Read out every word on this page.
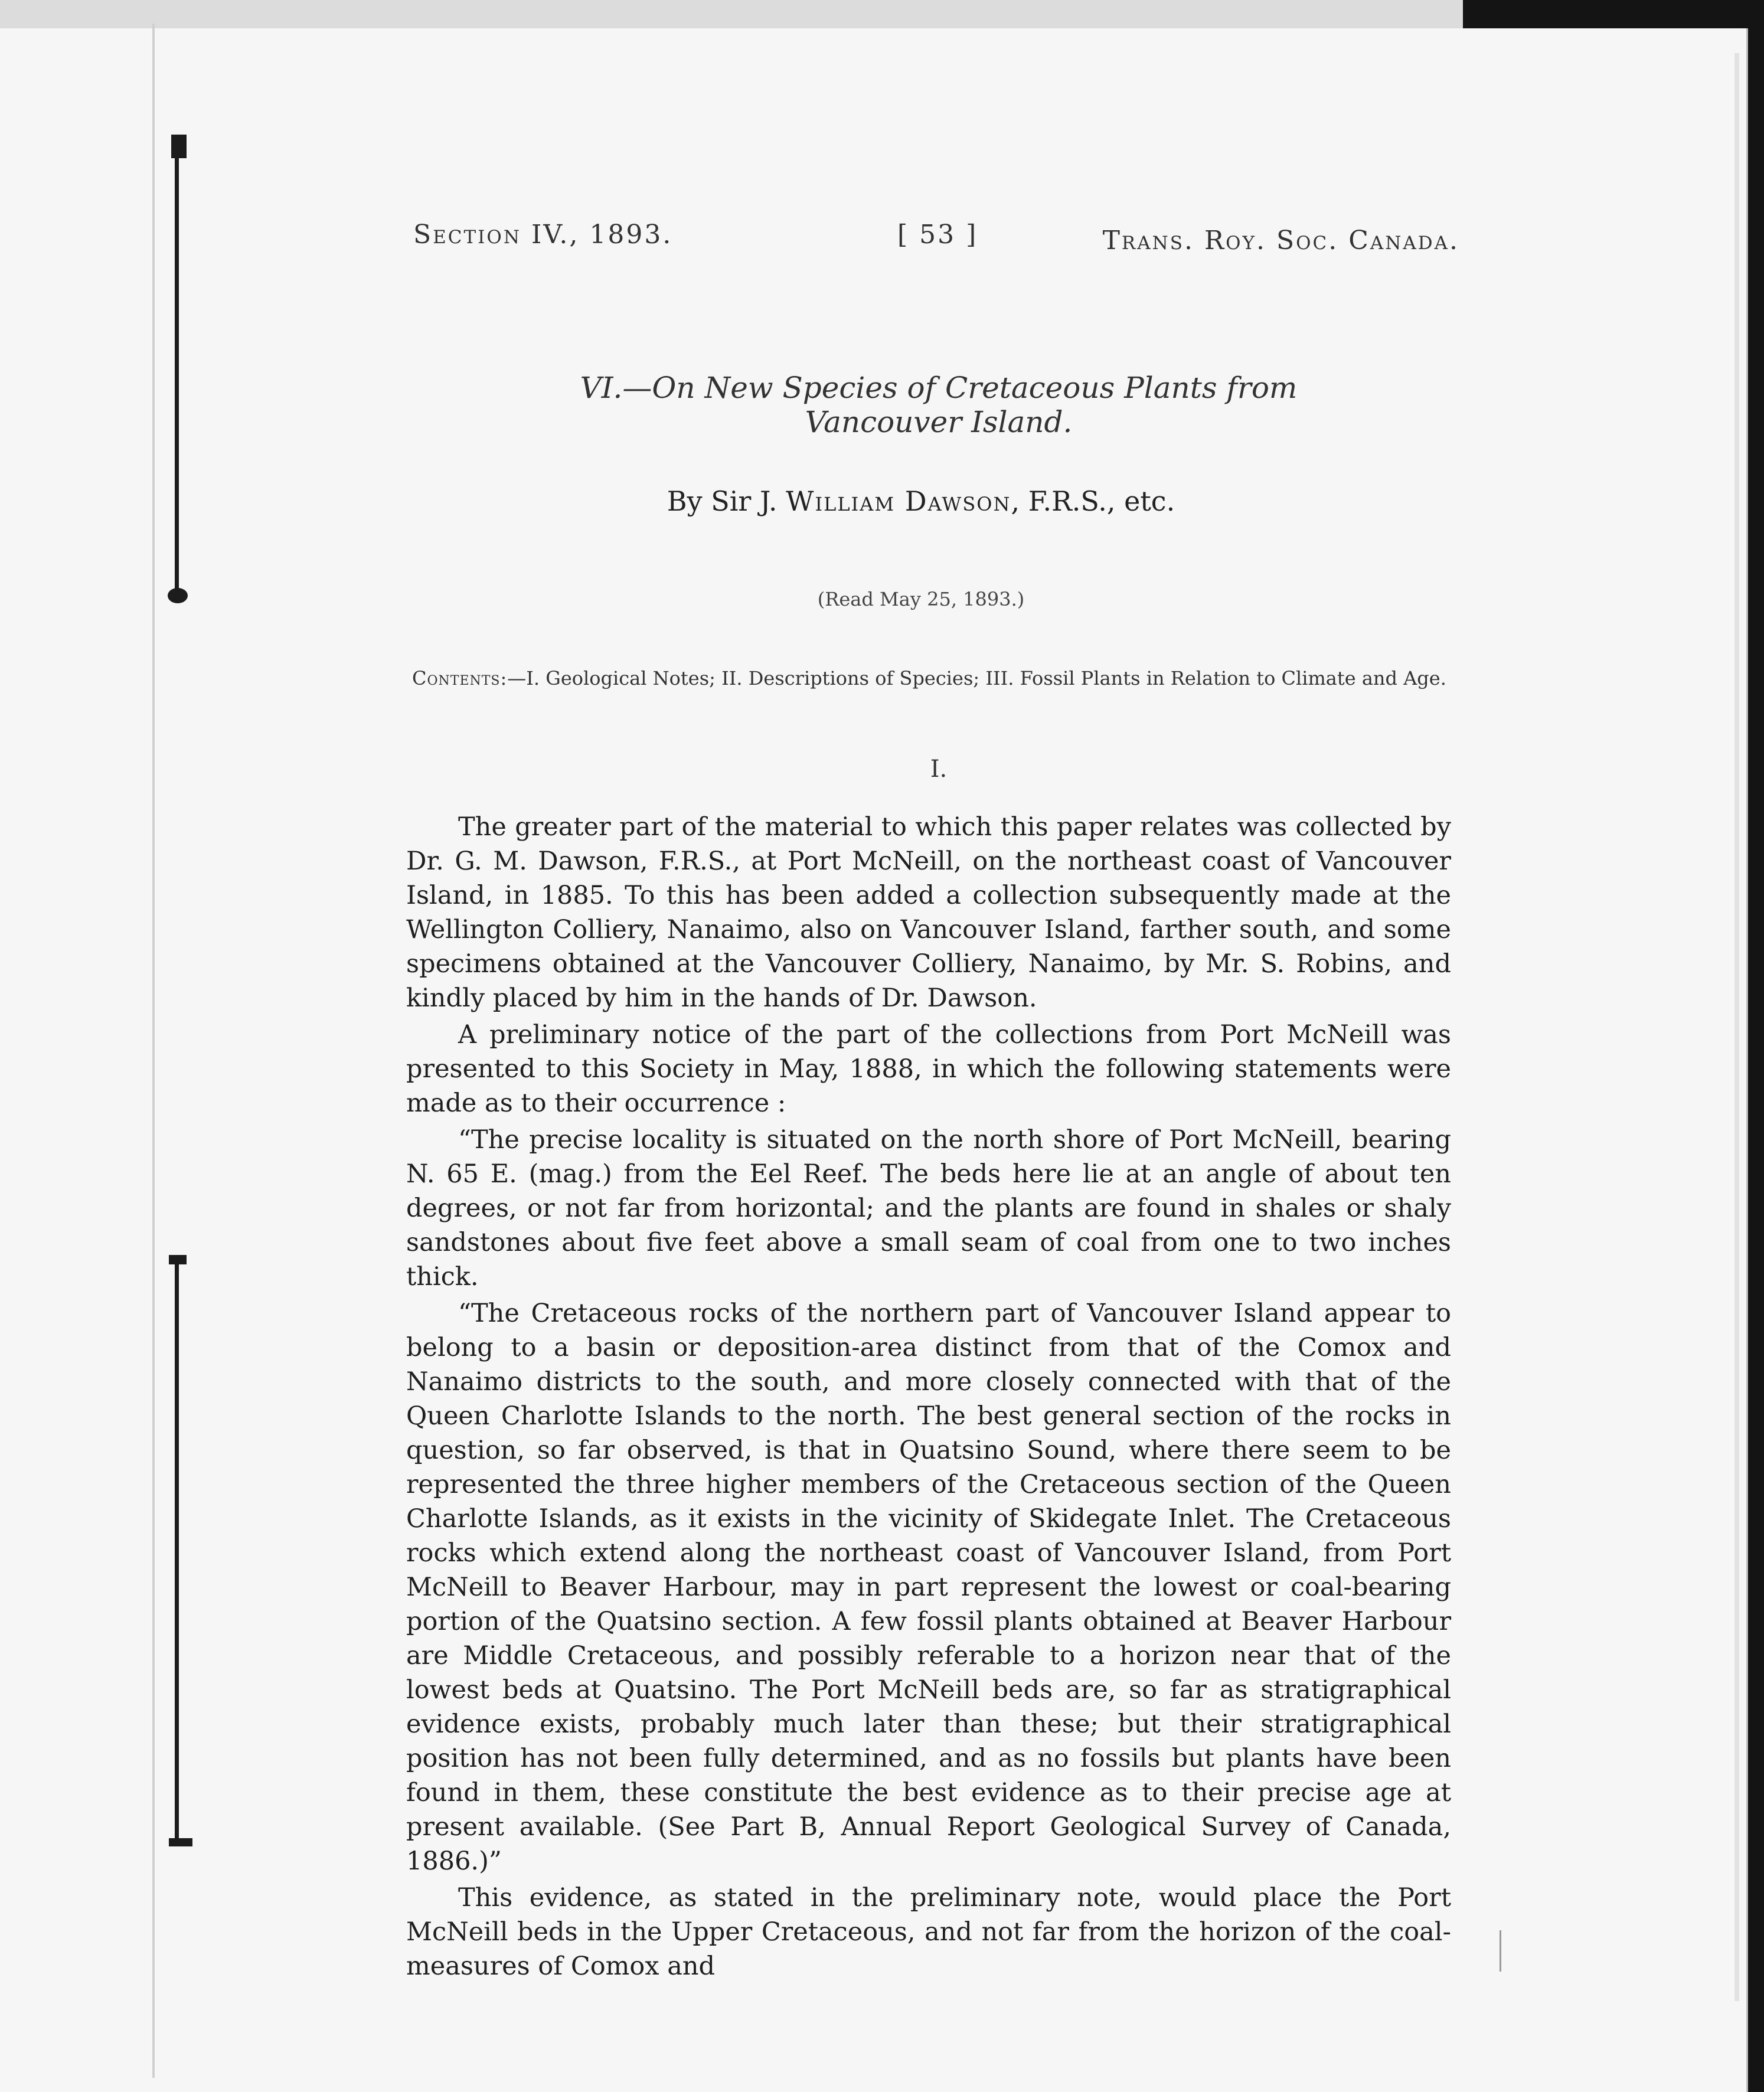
Section IV., 1893.	[ 53 ]	Trans. Roy. Soc. Canada.
VI.—On New Species of Cretaceous Plants from Vancouver Island.
By Sir J. William Dawson, F.R.S., etc.
(Read May 25, 1893.)
Contents:—I. Geological Notes; II. Descriptions of Species; III. Fossil Plants in Relation to Climate and Age.
I.

The greater part of the material to which this paper relates was collected by Dr. G. M. Dawson, F.R.S., at Port McNeill, on the northeast coast of Vancouver Island, in 1885. To this has been added a collection subsequently made at the Wellington Colliery, Nanaimo, also on Vancouver Island, farther south, and some specimens obtained at the Vancouver Colliery, Nanaimo, by Mr. S. Robins, and kindly placed by him in the hands of Dr. Dawson.

A preliminary notice of the part of the collections from Port McNeill was presented to this Society in May, 1888, in which the following statements were made as to their occurrence :

“The precise locality is situated on the north shore of Port McNeill, bearing N. 65 E. (mag.) from the Eel Reef. The beds here lie at an angle of about ten degrees, or not far from horizontal; and the plants are found in shales or shaly sandstones about five feet above a small seam of coal from one to two inches thick.

“The Cretaceous rocks of the northern part of Vancouver Island appear to belong to a basin or deposition-area distinct from that of the Comox and Nanaimo districts to the south, and more closely connected with that of the Queen Charlotte Islands to the north. The best general section of the rocks in question, so far observed, is that in Quatsino Sound, where there seem to be represented the three higher members of the Cretaceous section of the Queen Charlotte Islands, as it exists in the vicinity of Skidegate Inlet. The Cretaceous rocks which extend along the northeast coast of Vancouver Island, from Port McNeill to Beaver Harbour, may in part represent the lowest or coal-bearing portion of the Quatsino section. A few fossil plants obtained at Beaver Harbour are Middle Cretaceous, and possibly referable to a horizon near that of the lowest beds at Quatsino. The Port McNeill beds are, so far as stratigraphical evidence exists, probably much later than these; but their stratigraphical position has not been fully determined, and as no fossils but plants have been found in them, these constitute the best evidence as to their precise age at present available. (See Part B, Annual Report Geological Survey of Canada, 1886.)”

This evidence, as stated in the preliminary note, would place the Port McNeill beds in the Upper Cretaceous, and not far from the horizon of the coal-measures of Comox and
